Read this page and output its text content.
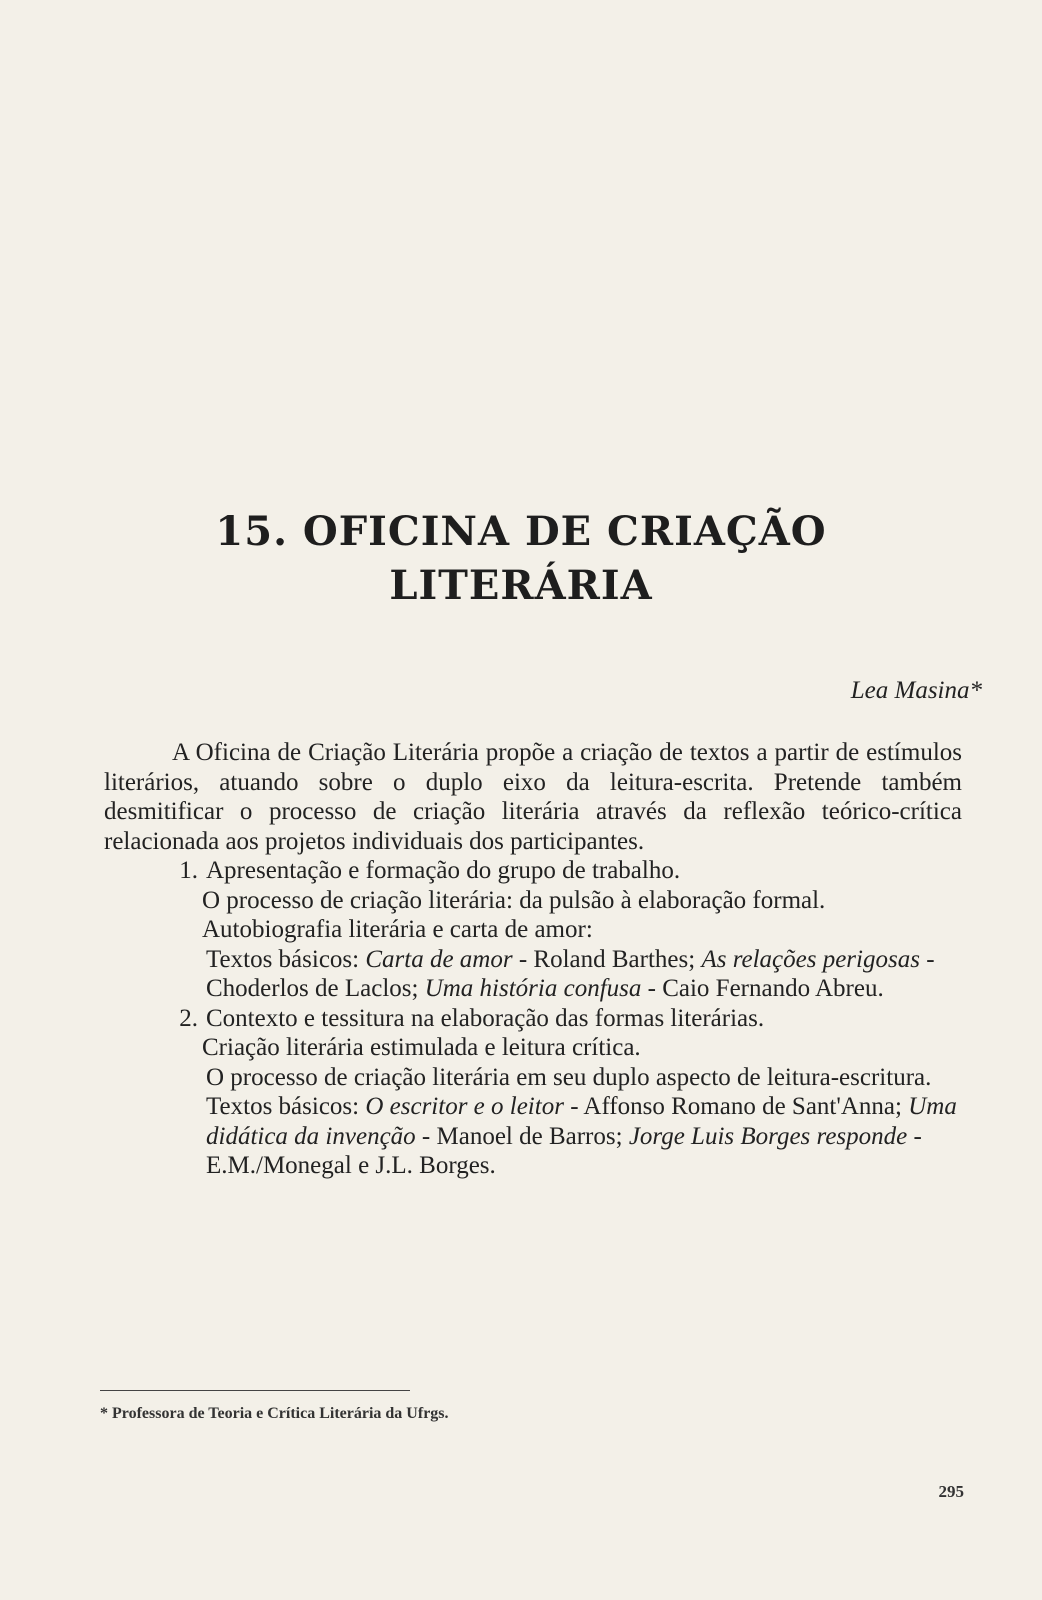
15. OFICINA DE CRIAÇÃO
LITERÁRIA
Lea Masina*

A Oficina de Criação Literária propõe a criação de textos a partir de estímulos literários, atuando sobre o duplo eixo da leitura-escrita. Pretende também desmitificar o processo de criação literária através da reflexão teórico-crítica relacionada aos projetos individuais dos participantes.

1. Apresentação e formação do grupo de trabalho.

O processo de criação literária: da pulsão à elaboração formal.

Autobiografia literária e carta de amor:

Textos básicos: Carta de amor - Roland Barthes; As relações perigosas - Choderlos de Laclos; Uma história confusa - Caio Fernando Abreu.

2. Contexto e tessitura na elaboração das formas literárias.

Criação literária estimulada e leitura crítica.

O processo de criação literária em seu duplo aspecto de leitura-escritura.

Textos básicos: O escritor e o leitor - Affonso Romano de Sant'Anna; Uma didática da invenção - Manoel de Barros; Jorge Luis Borges responde - E.M./Monegal e J.L. Borges.

* Professora de Teoria e Crítica Literária da Ufrgs.
295
